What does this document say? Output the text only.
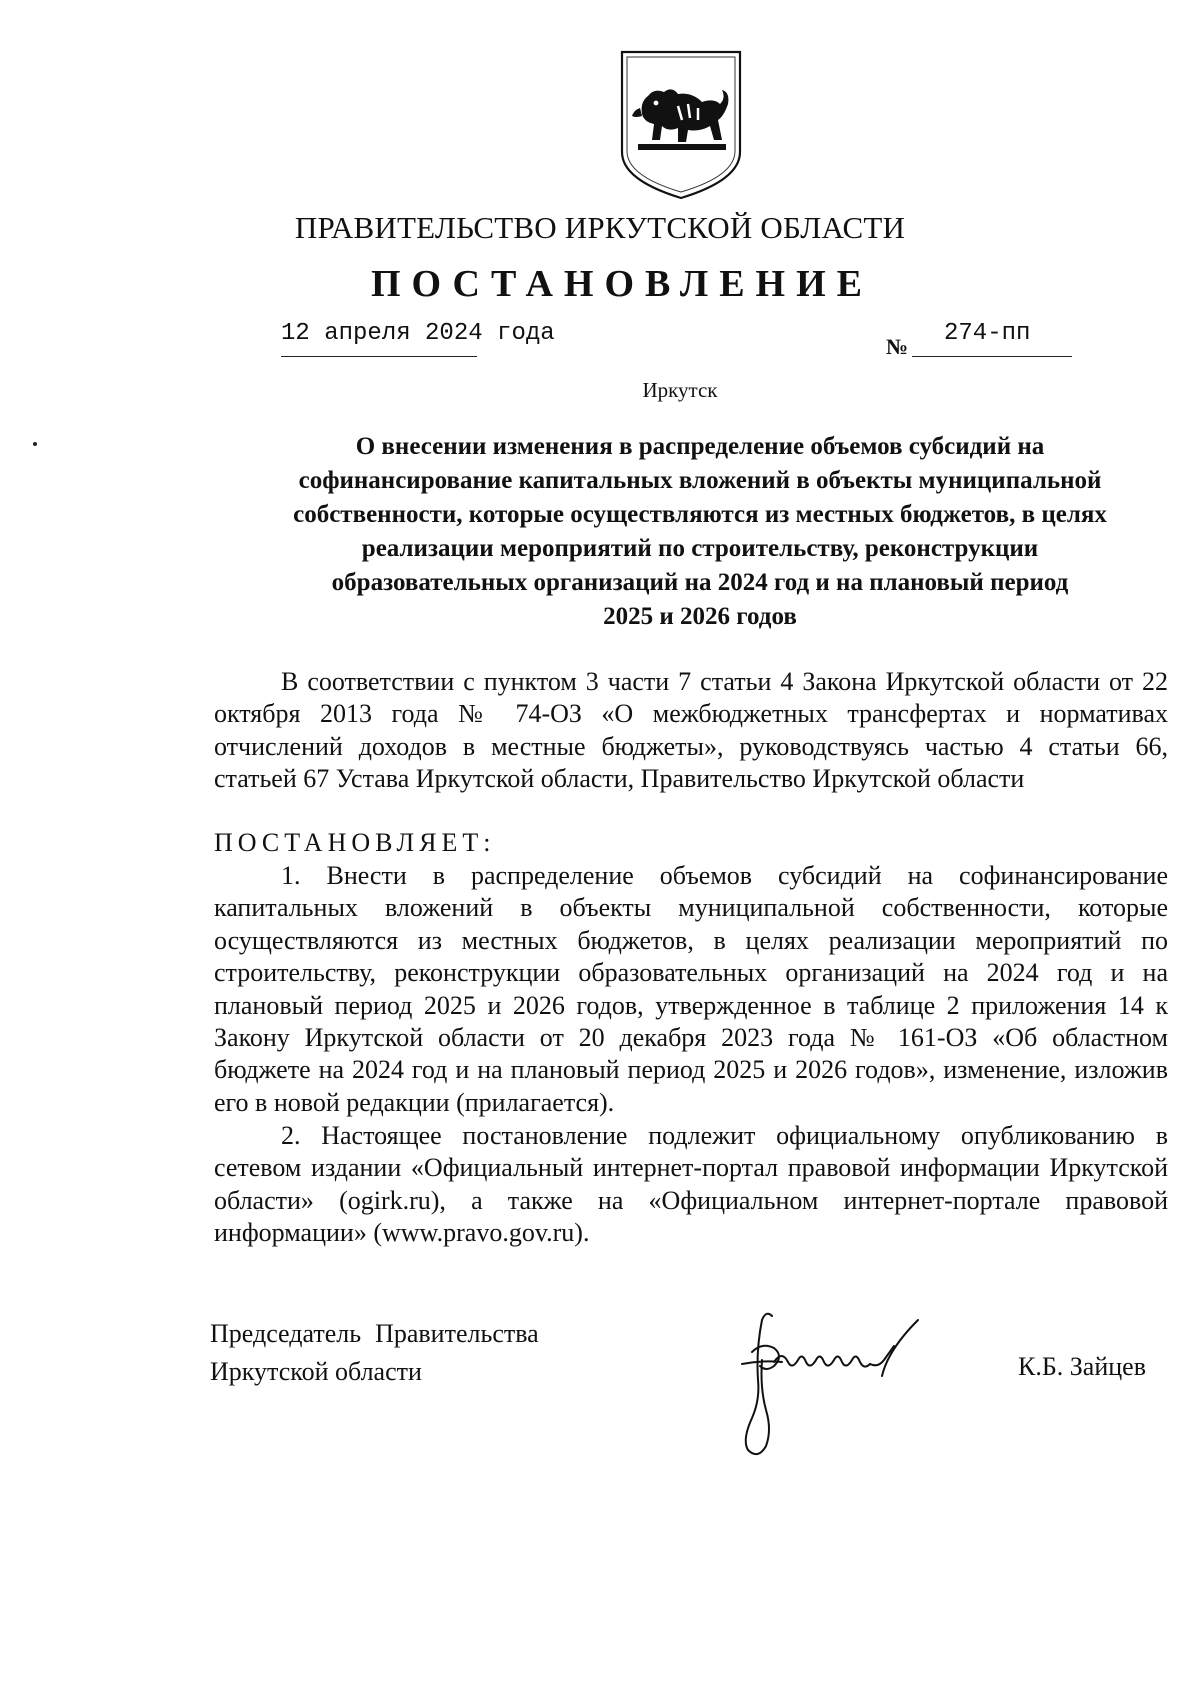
ПРАВИТЕЛЬСТВО ИРКУТСКОЙ ОБЛАСТИ
ПОСТАНОВЛЕНИЕ
12 апреля 2024 года	№ 274-пп
Иркутск
О внесении изменения в распределение объемов субсидий на
софинансирование капитальных вложений в объекты муниципальной
собственности, которые осуществляются из местных бюджетов, в целях
реализации мероприятий по строительству, реконструкции
образовательных организаций на 2024 год и на плановый период
2025 и 2026 годов
В соответствии с пунктом 3 части 7 статьи 4 Закона Иркутской области от 22 октября 2013 года № 74-ОЗ «О межбюджетных трансфертах и нормативах отчислений доходов в местные бюджеты», руководствуясь частью 4 статьи 66, статьей 67 Устава Иркутской области, Правительство Иркутской области
ПОСТАНОВЛЯЕТ:
1. Внести в распределение объемов субсидий на софинансирование капитальных вложений в объекты муниципальной собственности, которые осуществляются из местных бюджетов, в целях реализации мероприятий по строительству, реконструкции образовательных организаций на 2024 год и на плановый период 2025 и 2026 годов, утвержденное в таблице 2 приложения 14 к Закону Иркутской области от 20 декабря 2023 года № 161-ОЗ «Об областном бюджете на 2024 год и на плановый период 2025 и 2026 годов», изменение, изложив его в новой редакции (прилагается).
2. Настоящее постановление подлежит официальному опубликованию в сетевом издании «Официальный интернет-портал правовой информации Иркутской области» (ogirk.ru), а также на «Официальном интернет-портале правовой информации» (www.pravo.gov.ru).
Председатель Правительства
Иркутской области	К.Б. Зайцев
